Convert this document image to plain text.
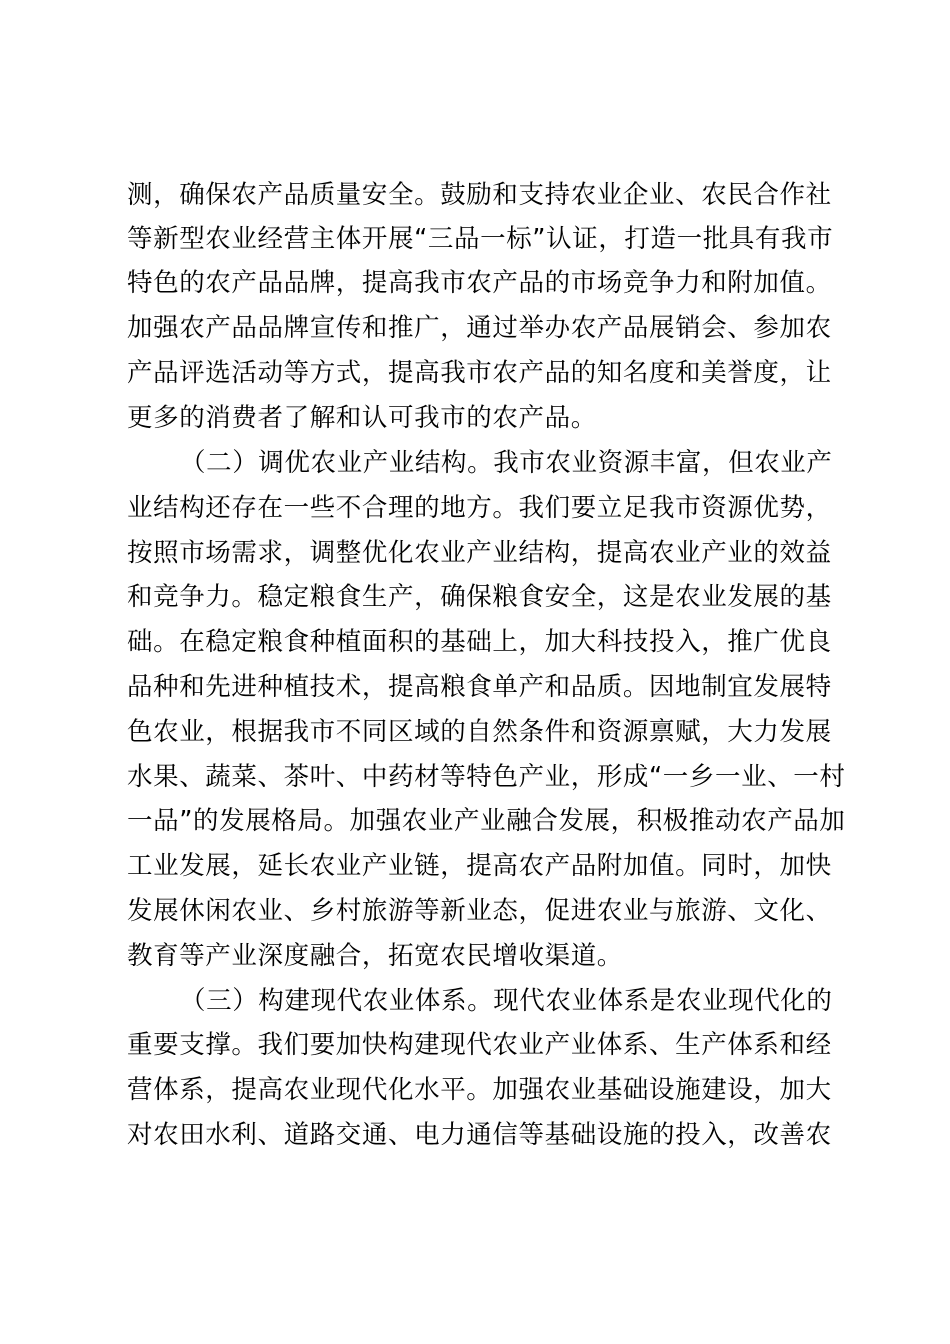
测，确保农产品质量安全。鼓励和支持农业企业、农民合作社
等新型农业经营主体开展“三品一标”认证，打造一批具有我市
特色的农产品品牌，提高我市农产品的市场竞争力和附加值。
加强农产品品牌宣传和推广，通过举办农产品展销会、参加农
产品评选活动等方式，提高我市农产品的知名度和美誉度，让
更多的消费者了解和认可我市的农产品。
（二）调优农业产业结构。我市农业资源丰富，但农业产
业结构还存在一些不合理的地方。我们要立足我市资源优势，
按照市场需求，调整优化农业产业结构，提高农业产业的效益
和竞争力。稳定粮食生产，确保粮食安全，这是农业发展的基
础。在稳定粮食种植面积的基础上，加大科技投入，推广优良
品种和先进种植技术，提高粮食单产和品质。因地制宜发展特
色农业，根据我市不同区域的自然条件和资源禀赋，大力发展
水果、蔬菜、茶叶、中药材等特色产业，形成“一乡一业、一村
一品”的发展格局。加强农业产业融合发展，积极推动农产品加
工业发展，延长农业产业链，提高农产品附加值。同时，加快
发展休闲农业、乡村旅游等新业态，促进农业与旅游、文化、
教育等产业深度融合，拓宽农民增收渠道。
（三）构建现代农业体系。现代农业体系是农业现代化的
重要支撑。我们要加快构建现代农业产业体系、生产体系和经
营体系，提高农业现代化水平。加强农业基础设施建设，加大
对农田水利、道路交通、电力通信等基础设施的投入，改善农
